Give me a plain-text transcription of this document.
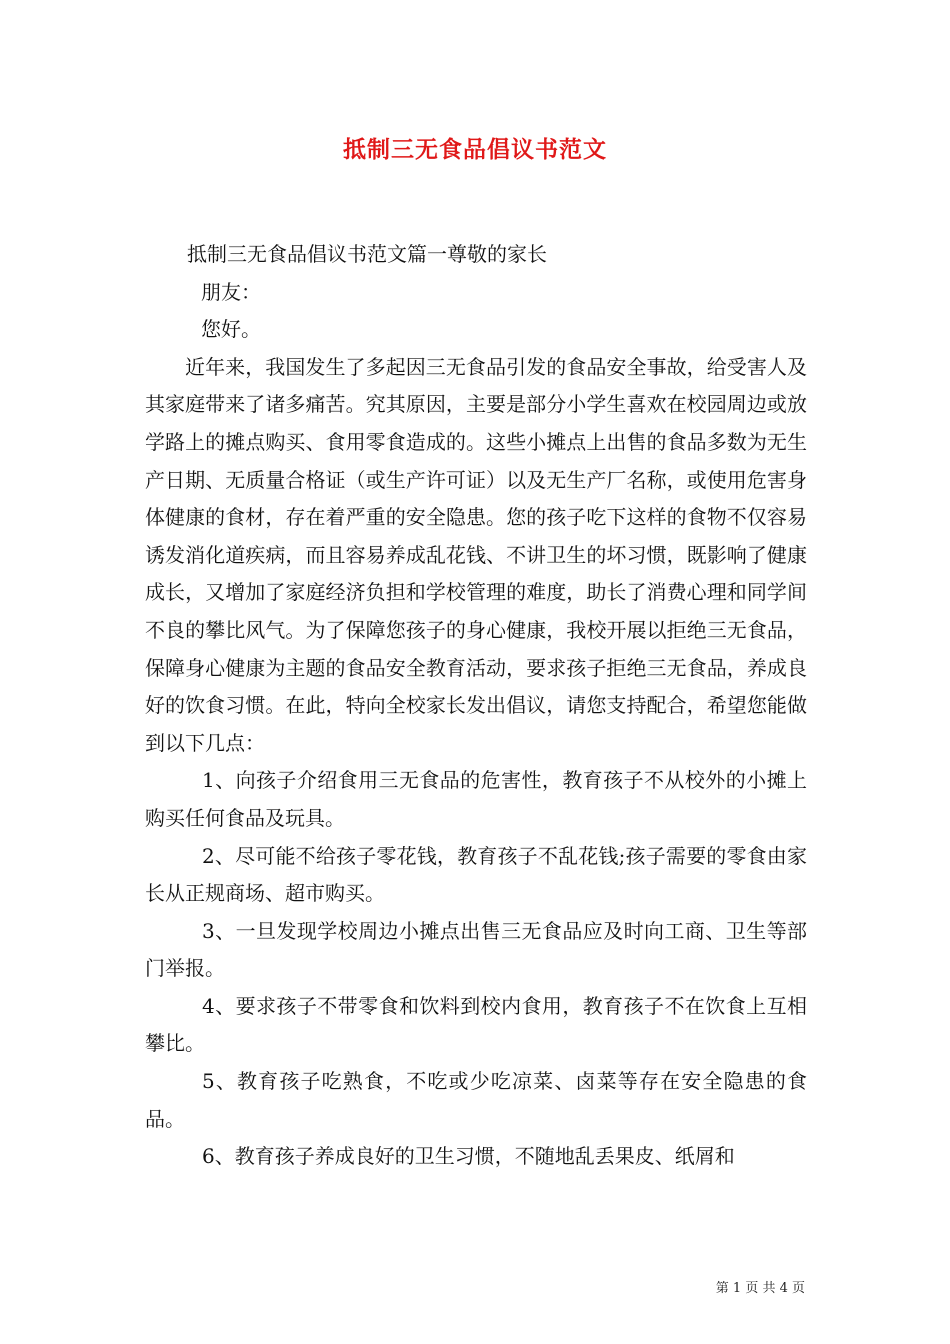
抵制三无食品倡议书范文

抵制三无食品倡议书范文篇一尊敬的家长

朋友：

您好。

近年来，我国发生了多起因三无食品引发的食品安全事故，给受害人及其家庭带来了诸多痛苦。究其原因，主要是部分小学生喜欢在校园周边或放学路上的摊点购买、食用零食造成的。这些小摊点上出售的食品多数为无生产日期、无质量合格证（或生产许可证）以及无生产厂名称，或使用危害身体健康的食材，存在着严重的安全隐患。您的孩子吃下这样的食物不仅容易诱发消化道疾病，而且容易养成乱花钱、不讲卫生的坏习惯，既影响了健康成长，又增加了家庭经济负担和学校管理的难度，助长了消费心理和同学间不良的攀比风气。为了保障您孩子的身心健康，我校开展以拒绝三无食品，保障身心健康为主题的食品安全教育活动，要求孩子拒绝三无食品，养成良好的饮食习惯。在此，特向全校家长发出倡议，请您支持配合，希望您能做到以下几点：

1、向孩子介绍食用三无食品的危害性，教育孩子不从校外的小摊上购买任何食品及玩具。

2、尽可能不给孩子零花钱，教育孩子不乱花钱;孩子需要的零食由家长从正规商场、超市购买。

3、一旦发现学校周边小摊点出售三无食品应及时向工商、卫生等部门举报。

4、要求孩子不带零食和饮料到校内食用，教育孩子不在饮食上互相攀比。

5、教育孩子吃熟食，不吃或少吃凉菜、卤菜等存在安全隐患的食品。

6、教育孩子养成良好的卫生习惯，不随地乱丢果皮、纸屑和

第 1 页 共 4 页
